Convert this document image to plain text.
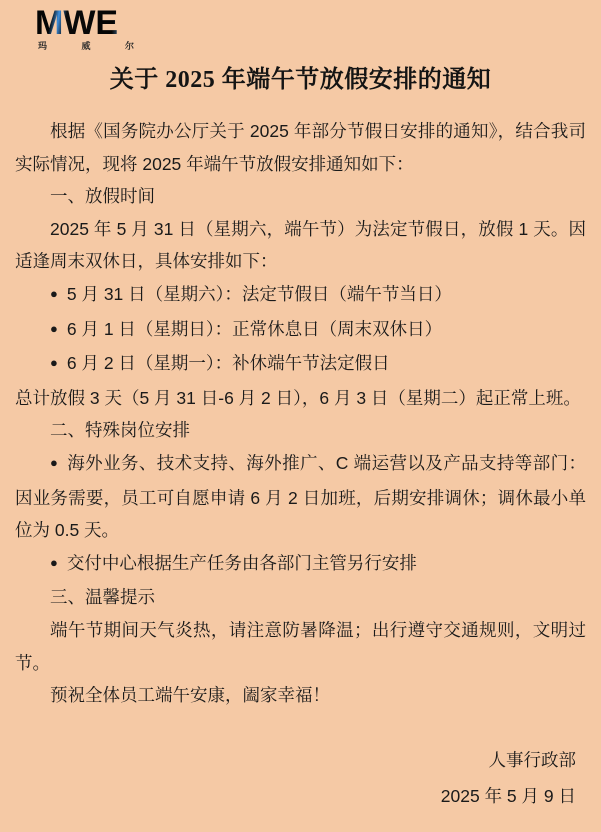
MWE
玛	威	尔
关于 2025 年端午节放假安排的通知

根据《国务院办公厅关于 2025 年部分节假日安排的通知》，结合我司实际情况，现将 2025 年端午节放假安排通知如下：

一、放假时间

2025 年 5 月 31 日（星期六，端午节）为法定节假日，放假 1 天。因适逢周末双休日，具体安排如下：

● 5 月 31 日（星期六）：法定节假日（端午节当日）

● 6 月 1 日（星期日）：正常休息日（周末双休日）

● 6 月 2 日（星期一）：补休端午节法定假日

总计放假 3 天（5 月 31 日-6 月 2 日），6 月 3 日（星期二）起正常上班。

二、特殊岗位安排

● 海外业务、技术支持、海外推广、C 端运营以及产品支持等部门：因业务需要，员工可自愿申请 6 月 2 日加班，后期安排调休；调休最小单位为 0.5 天。

● 交付中心根据生产任务由各部门主管另行安排

三、温馨提示

端午节期间天气炎热，请注意防暑降温；出行遵守交通规则，文明过节。

预祝全体员工端午安康，阖家幸福！

人事行政部
2025 年 5 月 9 日
